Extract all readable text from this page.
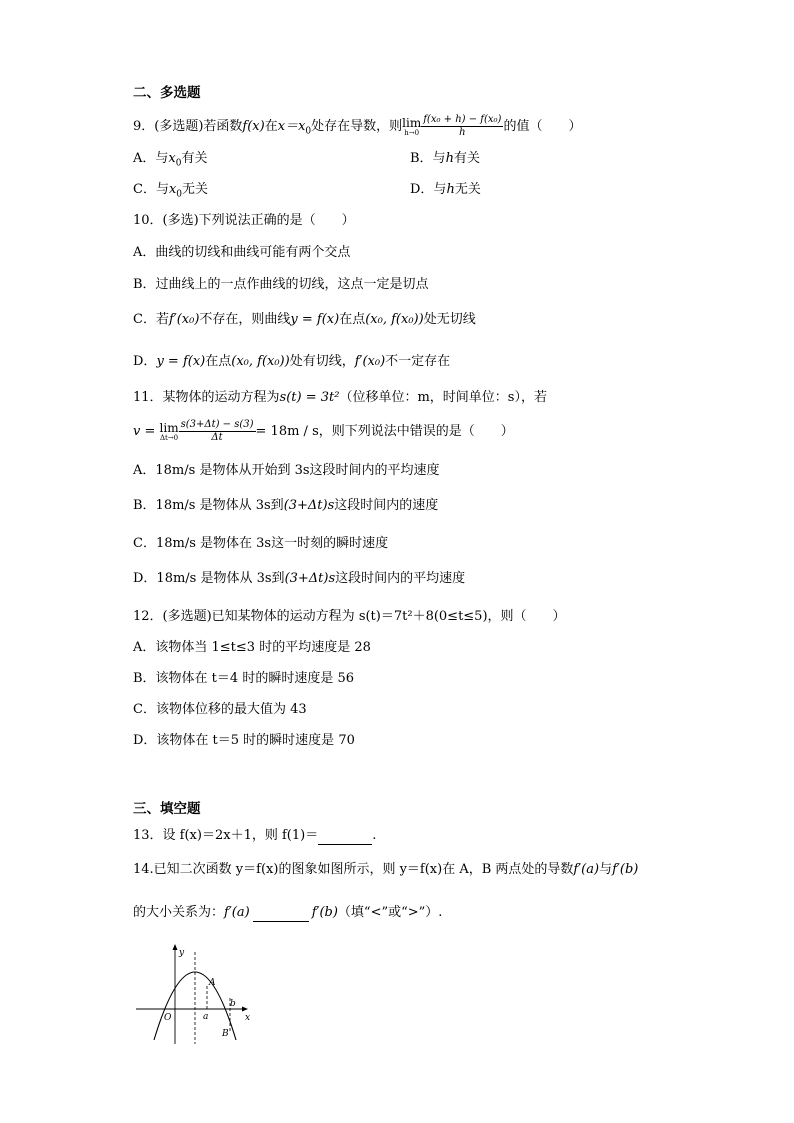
二、多选题
9．(多选题)若函数f(x)在$x=x_0$处存在导数，则lim
$h\to 0 \frac{\text{f(x₀ + h) − f(x₀)}}{h}$ 的值（　　）
A．与$x_0$有关	B．与h有关
C．与$x_0$无关	D．与h无关
10．(多选)下列说法正确的是（　　）
A．曲线的切线和曲线可能有两个交点
B．过曲线上的一点作曲线的切线，这点一定是切点
C．若f′(x₀)不存在，则曲线y = f(x)在点(x₀, f(x₀))处无切线
D．y = f(x)在点(x₀, f(x₀))处有切线，f′(x₀)不一定存在
11．某物体的运动方程为s(t) = 3t²（位移单位：m，时间单位：s），若
v = lim
$\Delta t\to 0 \frac{s(3+\Delta t) - s(3)}{\Delta t} = 18m / s$，则下列说法中错误的是（　　）
A．18m/s 是物体从开始到 3s这段时间内的平均速度
B．18m/s 是物体从 3s到(3+Δt)s这段时间内的速度
C．18m/s 是物体在 3s这一时刻的瞬时速度
D．18m/s 是物体从 3s到(3+Δt)s这段时间内的平均速度
12．(多选题)已知某物体的运动方程为 s(t)＝7t²＋8(0≤t≤5)，则（　　）
A．该物体当 1≤t≤3 时的平均速度是 28
B．该物体在 t＝4 时的瞬时速度是 56
C．该物体位移的最大值为 43
D．该物体在 t＝5 时的瞬时速度是 70
三、填空题
13．设 f(x)＝2x＋1，则 f(1)＝	.
14.已知二次函数 y＝f(x)的图象如图所示，则 y＝f(x)在 A，B 两点处的导数f′(a)与f′(b)
的大小关系为：f′(a)	f′(b)（填“<”或“>”）.
y
x
O
A
a
b
B
